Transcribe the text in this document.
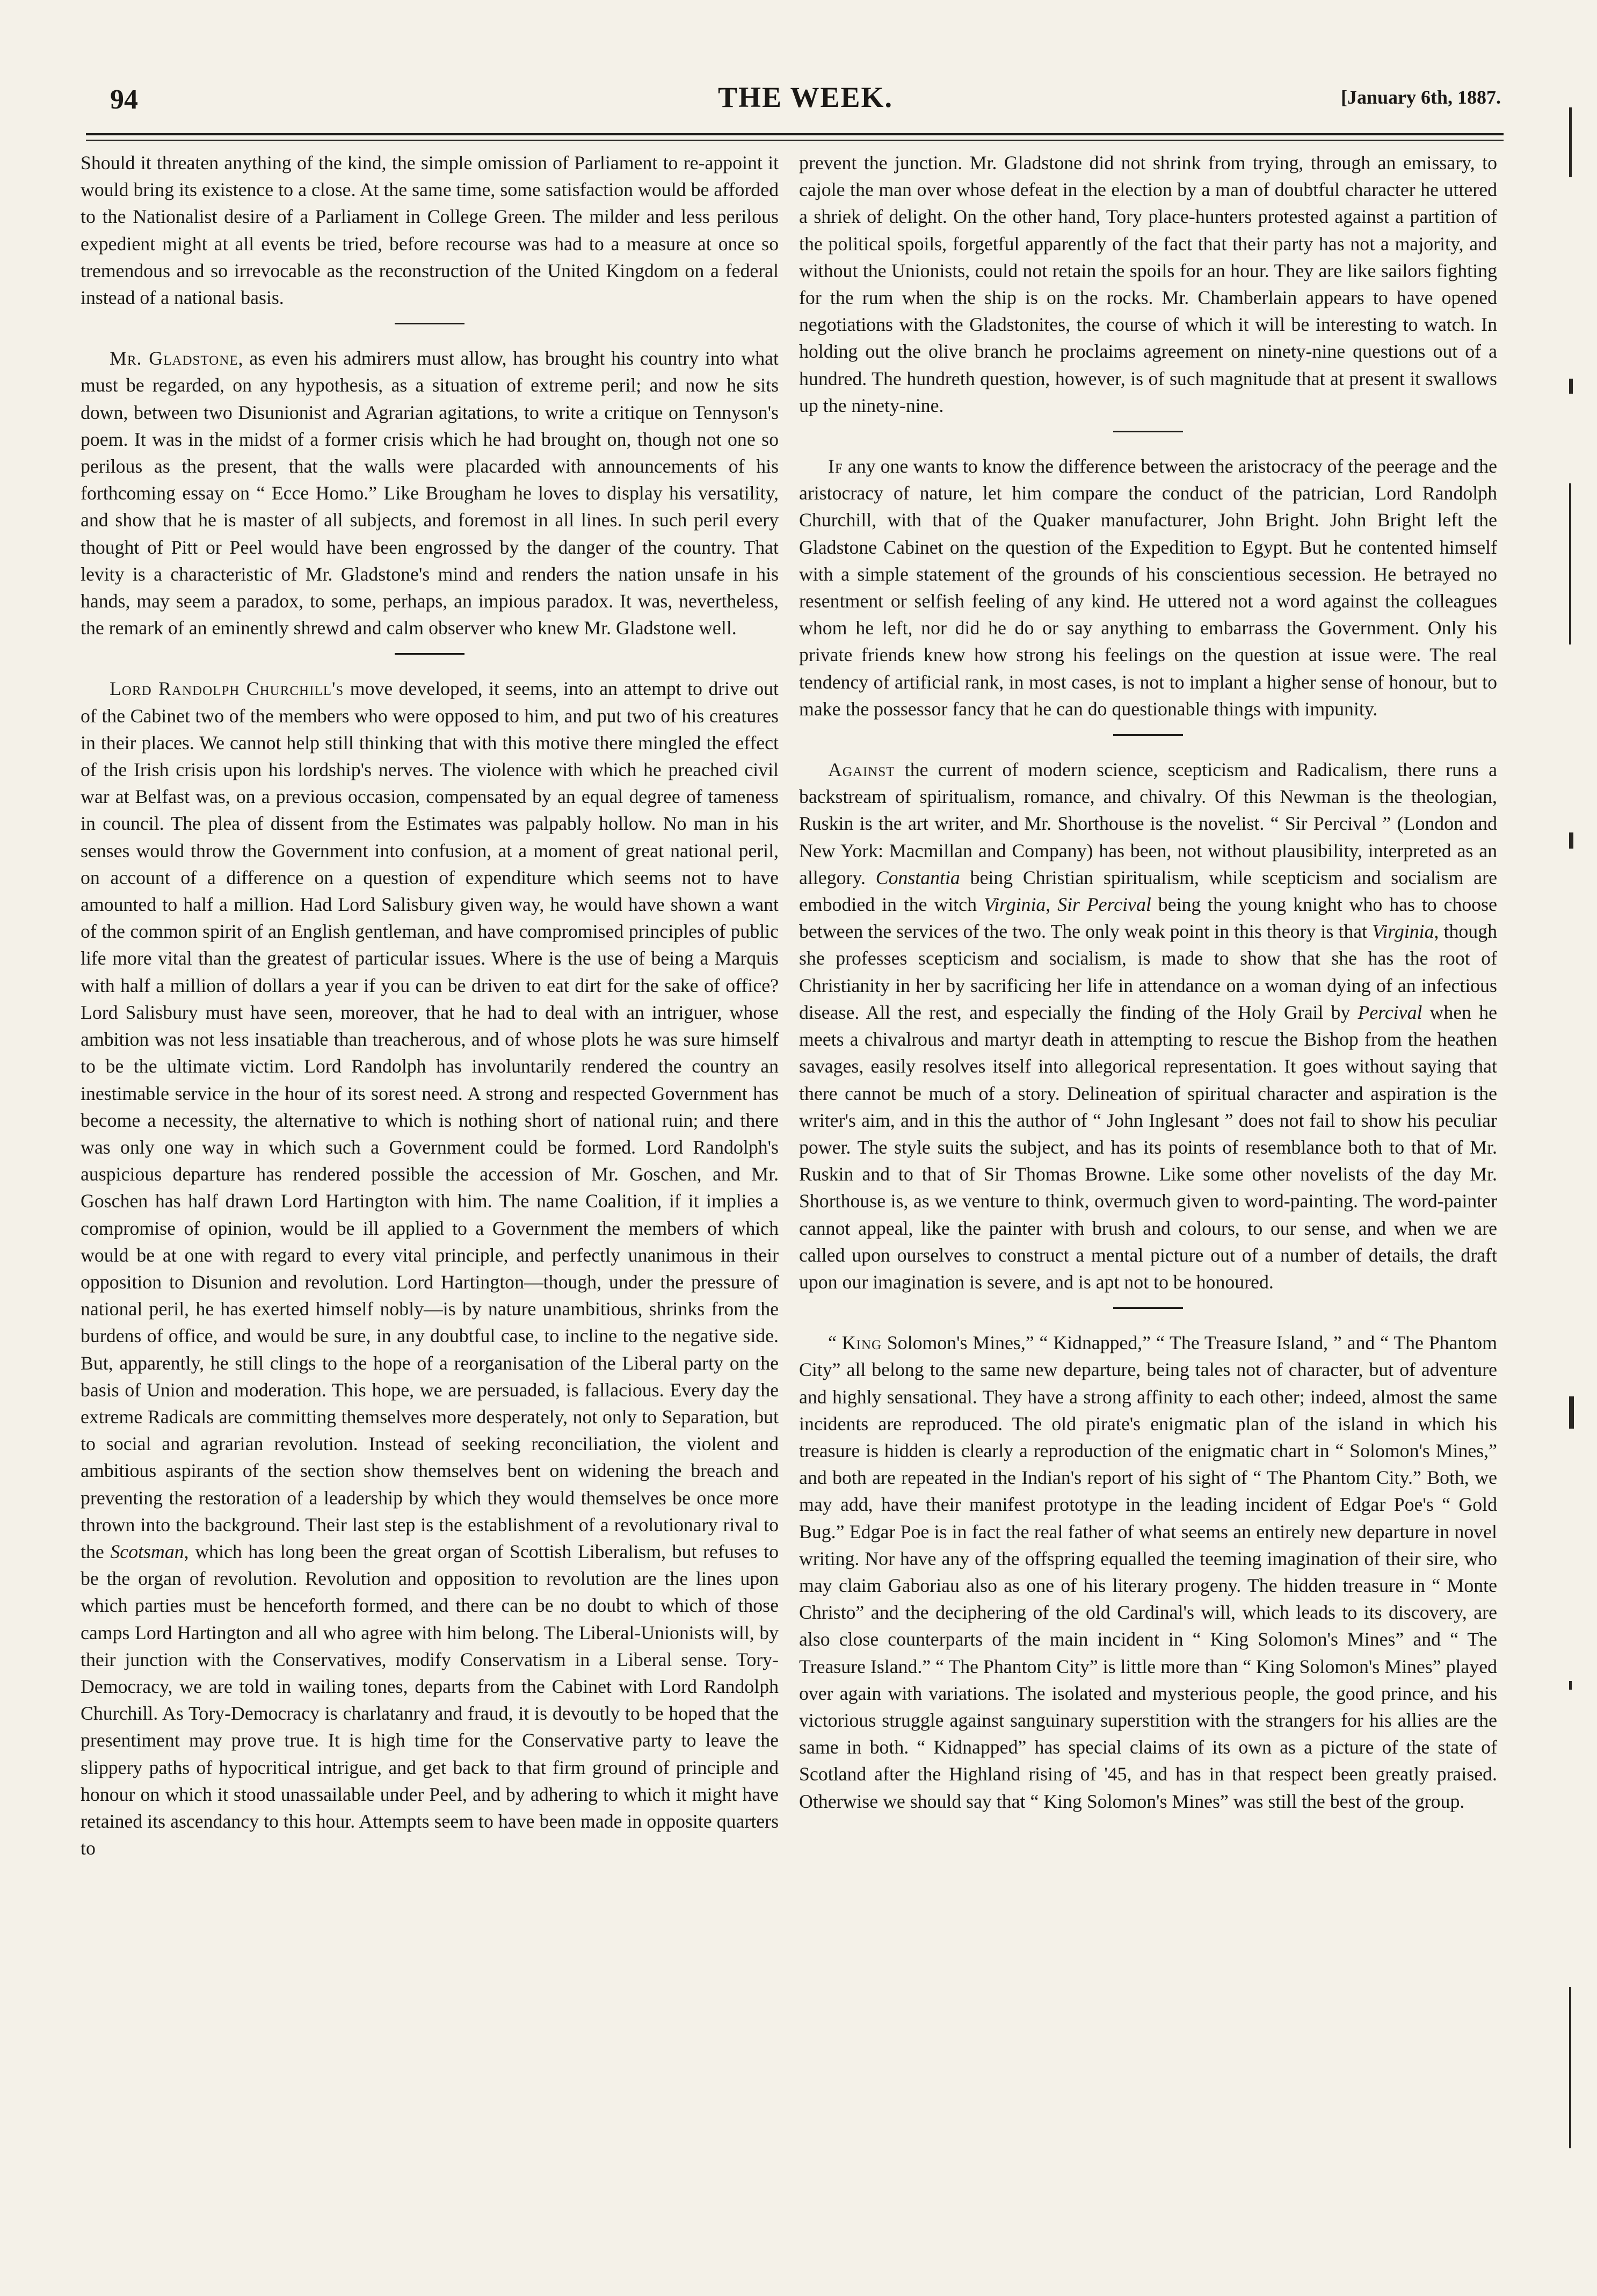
94	THE WEEK.	[January 6th, 1887.

Should it threaten anything of the kind, the simple omission of Parliament to re-appoint it would bring its existence to a close. At the same time, some satisfaction would be afforded to the Nationalist desire of a Parliament in College Green. The milder and less perilous expedient might at all events be tried, before recourse was had to a measure at once so tremendous and so irrevocable as the reconstruction of the United Kingdom on a federal instead of a national basis.

Mr. Gladstone, as even his admirers must allow, has brought his country into what must be regarded, on any hypothesis, as a situation of extreme peril; and now he sits down, between two Disunionist and Agrarian agitations, to write a critique on Tennyson's poem. It was in the midst of a former crisis which he had brought on, though not one so perilous as the present, that the walls were placarded with announcements of his forthcoming essay on “ Ecce Homo.” Like Brougham he loves to display his versatility, and show that he is master of all subjects, and foremost in all lines. In such peril every thought of Pitt or Peel would have been engrossed by the danger of the country. That levity is a characteristic of Mr. Gladstone's mind and renders the nation unsafe in his hands, may seem a paradox, to some, perhaps, an impious paradox. It was, nevertheless, the remark of an eminently shrewd and calm observer who knew Mr. Gladstone well.

Lord Randolph Churchill's move developed, it seems, into an attempt to drive out of the Cabinet two of the members who were opposed to him, and put two of his creatures in their places. We cannot help still thinking that with this motive there mingled the effect of the Irish crisis upon his lordship's nerves. The violence with which he preached civil war at Belfast was, on a previous occasion, compensated by an equal degree of tameness in council. The plea of dissent from the Estimates was palpably hollow. No man in his senses would throw the Government into confusion, at a moment of great national peril, on account of a difference on a question of expenditure which seems not to have amounted to half a million. Had Lord Salisbury given way, he would have shown a want of the common spirit of an English gentleman, and have compromised principles of public life more vital than the greatest of particular issues. Where is the use of being a Marquis with half a million of dollars a year if you can be driven to eat dirt for the sake of office? Lord Salisbury must have seen, moreover, that he had to deal with an intriguer, whose ambition was not less insatiable than treacherous, and of whose plots he was sure himself to be the ultimate victim. Lord Randolph has involuntarily rendered the country an inestimable service in the hour of its sorest need. A strong and respected Government has become a necessity, the alternative to which is nothing short of national ruin; and there was only one way in which such a Government could be formed. Lord Randolph's auspicious departure has rendered possible the accession of Mr. Goschen, and Mr. Goschen has half drawn Lord Hartington with him. The name Coalition, if it implies a compromise of opinion, would be ill applied to a Government the members of which would be at one with regard to every vital principle, and perfectly unanimous in their opposition to Disunion and revolution. Lord Hartington—though, under the pressure of national peril, he has exerted himself nobly—is by nature unambitious, shrinks from the burdens of office, and would be sure, in any doubtful case, to incline to the negative side. But, apparently, he still clings to the hope of a reorganisation of the Liberal party on the basis of Union and moderation. This hope, we are persuaded, is fallacious. Every day the extreme Radicals are committing themselves more desperately, not only to Separation, but to social and agrarian revolution. Instead of seeking reconciliation, the violent and ambitious aspirants of the section show themselves bent on widening the breach and preventing the restoration of a leadership by which they would themselves be once more thrown into the background. Their last step is the establishment of a revolutionary rival to the Scotsman, which has long been the great organ of Scottish Liberalism, but refuses to be the organ of revolution. Revolution and opposition to revolution are the lines upon which parties must be henceforth formed, and there can be no doubt to which of those camps Lord Hartington and all who agree with him belong. The Liberal-Unionists will, by their junction with the Conservatives, modify Conservatism in a Liberal sense. Tory-Democracy, we are told in wailing tones, departs from the Cabinet with Lord Randolph Churchill. As Tory-Democracy is charlatanry and fraud, it is devoutly to be hoped that the presentiment may prove true. It is high time for the Conservative party to leave the slippery paths of hypocritical intrigue, and get back to that firm ground of principle and honour on which it stood unassailable under Peel, and by adhering to which it might have retained its ascendancy to this hour. Attempts seem to have been made in opposite quarters to

prevent the junction. Mr. Gladstone did not shrink from trying, through an emissary, to cajole the man over whose defeat in the election by a man of doubtful character he uttered a shriek of delight. On the other hand, Tory place-hunters protested against a partition of the political spoils, forgetful apparently of the fact that their party has not a majority, and without the Unionists, could not retain the spoils for an hour. They are like sailors fighting for the rum when the ship is on the rocks. Mr. Chamberlain appears to have opened negotiations with the Gladstonites, the course of which it will be interesting to watch. In holding out the olive branch he proclaims agreement on ninety-nine questions out of a hundred. The hundreth question, however, is of such magnitude that at present it swallows up the ninety-nine.

If any one wants to know the difference between the aristocracy of the peerage and the aristocracy of nature, let him compare the conduct of the patrician, Lord Randolph Churchill, with that of the Quaker manufacturer, John Bright. John Bright left the Gladstone Cabinet on the question of the Expedition to Egypt. But he contented himself with a simple statement of the grounds of his conscientious secession. He betrayed no resentment or selfish feeling of any kind. He uttered not a word against the colleagues whom he left, nor did he do or say anything to embarrass the Government. Only his private friends knew how strong his feelings on the question at issue were. The real tendency of artificial rank, in most cases, is not to implant a higher sense of honour, but to make the possessor fancy that he can do questionable things with impunity.

Against the current of modern science, scepticism and Radicalism, there runs a backstream of spiritualism, romance, and chivalry. Of this Newman is the theologian, Ruskin is the art writer, and Mr. Shorthouse is the novelist. “ Sir Percival ” (London and New York: Macmillan and Company) has been, not without plausibility, interpreted as an allegory. Constantia being Christian spiritualism, while scepticism and socialism are embodied in the witch Virginia, Sir Percival being the young knight who has to choose between the services of the two. The only weak point in this theory is that Virginia, though she professes scepticism and socialism, is made to show that she has the root of Christianity in her by sacrificing her life in attendance on a woman dying of an infectious disease. All the rest, and especially the finding of the Holy Grail by Percival when he meets a chivalrous and martyr death in attempting to rescue the Bishop from the heathen savages, easily resolves itself into allegorical representation. It goes without saying that there cannot be much of a story. Delineation of spiritual character and aspiration is the writer's aim, and in this the author of “ John Inglesant ” does not fail to show his peculiar power. The style suits the subject, and has its points of resemblance both to that of Mr. Ruskin and to that of Sir Thomas Browne. Like some other novelists of the day Mr. Shorthouse is, as we venture to think, overmuch given to word-painting. The word-painter cannot appeal, like the painter with brush and colours, to our sense, and when we are called upon ourselves to construct a mental picture out of a number of details, the draft upon our imagination is severe, and is apt not to be honoured.

“ King Solomon's Mines,” “ Kidnapped,” “ The Treasure Island, ” and “ The Phantom City” all belong to the same new departure, being tales not of character, but of adventure and highly sensational. They have a strong affinity to each other; indeed, almost the same incidents are reproduced. The old pirate's enigmatic plan of the island in which his treasure is hidden is clearly a reproduction of the enigmatic chart in “ Solomon's Mines,” and both are repeated in the Indian's report of his sight of “ The Phantom City.” Both, we may add, have their manifest prototype in the leading incident of Edgar Poe's “ Gold Bug.” Edgar Poe is in fact the real father of what seems an entirely new departure in novel writing. Nor have any of the offspring equalled the teeming imagination of their sire, who may claim Gaboriau also as one of his literary progeny. The hidden treasure in “ Monte Christo” and the deciphering of the old Cardinal's will, which leads to its discovery, are also close counterparts of the main incident in “ King Solomon's Mines” and “ The Treasure Island.” “ The Phantom City” is little more than “ King Solomon's Mines” played over again with variations. The isolated and mysterious people, the good prince, and his victorious struggle against sanguinary superstition with the strangers for his allies are the same in both. “ Kidnapped” has special claims of its own as a picture of the state of Scotland after the Highland rising of '45, and has in that respect been greatly praised. Otherwise we should say that “ King Solomon's Mines” was still the best of the group.
